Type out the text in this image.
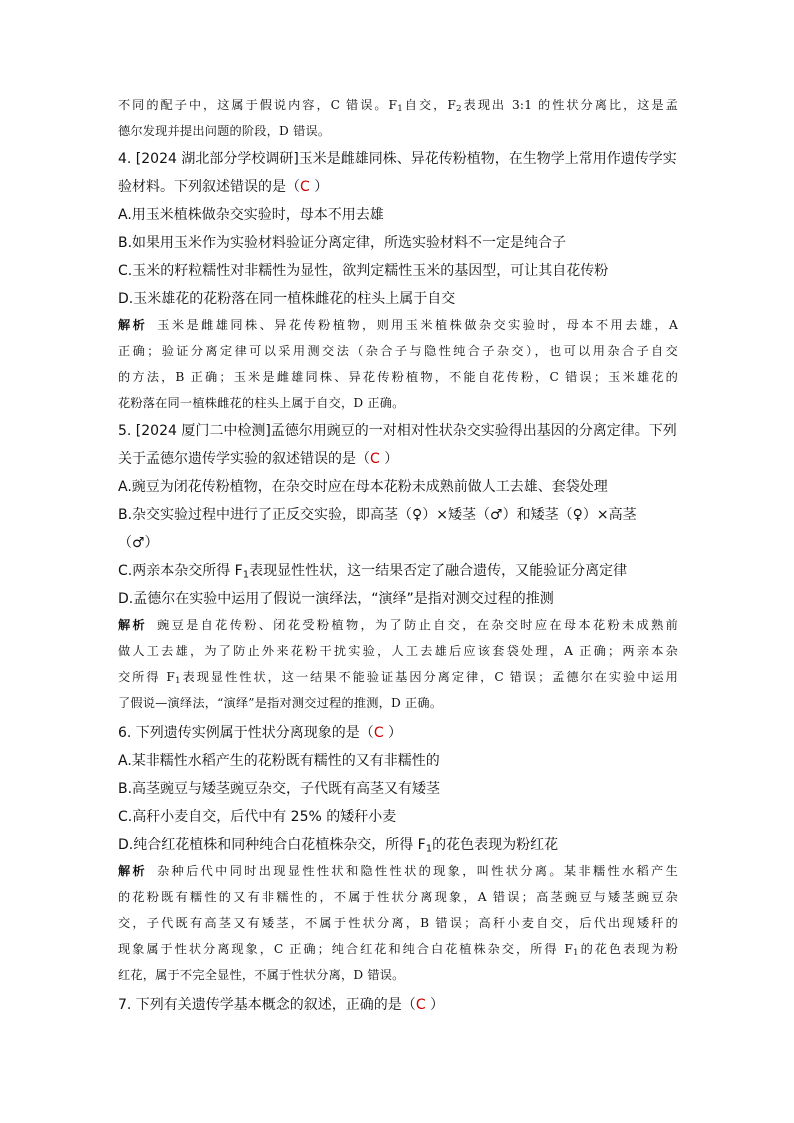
不同的配子中，这属于假说内容，C 错误。$F_1$自交，$F_2$表现出 3:1 的性状分离比，这是孟
德尔发现并提出问题的阶段，D 错误。
4. [2024 湖北部分学校调研]玉米是雌雄同株、异花传粉植物，在生物学上常用作遗传学实
验材料。下列叙述错误的是（C ）
A.用玉米植株做杂交实验时，母本不用去雄
B.如果用玉米作为实验材料验证分离定律，所选实验材料不一定是纯合子
C.玉米的籽粒糯性对非糯性为显性，欲判定糯性玉米的基因型，可让其自花传粉
D.玉米雄花的花粉落在同一植株雌花的柱头上属于自交
解析 玉米是雌雄同株、异花传粉植物，则用玉米植株做杂交实验时，母本不用去雄，A
正确；验证分离定律可以采用测交法（杂合子与隐性纯合子杂交），也可以用杂合子自交
的方法，B 正确；玉米是雌雄同株、异花传粉植物，不能自花传粉，C 错误；玉米雄花的
花粉落在同一植株雌花的柱头上属于自交，D 正确。
5. [2024 厦门二中检测]孟德尔用豌豆的一对相对性状杂交实验得出基因的分离定律。下列
关于孟德尔遗传学实验的叙述错误的是（C ）
A.豌豆为闭花传粉植物，在杂交时应在母本花粉未成熟前做人工去雄、套袋处理
B.杂交实验过程中进行了正反交实验，即高茎（♀）×矮茎（♂）和矮茎（♀）×高茎
（♂）
C.两亲本杂交所得 $F_1$表现显性性状，这一结果否定了融合遗传，又能验证分离定律
D.孟德尔在实验中运用了假说一演绎法，“演绎”是指对测交过程的推测
解析 豌豆是自花传粉、闭花受粉植物，为了防止自交，在杂交时应在母本花粉未成熟前
做人工去雄，为了防止外来花粉干扰实验，人工去雄后应该套袋处理，A 正确；两亲本杂
交所得 $F_1$表现显性性状，这一结果不能验证基因分离定律，C 错误；孟德尔在实验中运用
了假说—演绎法，“演绎”是指对测交过程的推测，D 正确。
6. 下列遗传实例属于性状分离现象的是（C ）
A.某非糯性水稻产生的花粉既有糯性的又有非糯性的
B.高茎豌豆与矮茎豌豆杂交，子代既有高茎又有矮茎
C.高秆小麦自交，后代中有 25% 的矮秆小麦
D.纯合红花植株和同种纯合白花植株杂交，所得 $F_1$的花色表现为粉红花
解析 杂种后代中同时出现显性性状和隐性性状的现象，叫性状分离。某非糯性水稻产生
的花粉既有糯性的又有非糯性的，不属于性状分离现象，A 错误；高茎豌豆与矮茎豌豆杂
交，子代既有高茎又有矮茎，不属于性状分离，B 错误；高秆小麦自交，后代出现矮秆的
现象属于性状分离现象，C 正确；纯合红花和纯合白花植株杂交，所得 $F_1$的花色表现为粉
红花，属于不完全显性，不属于性状分离，D 错误。
7. 下列有关遗传学基本概念的叙述，正确的是（C ）
